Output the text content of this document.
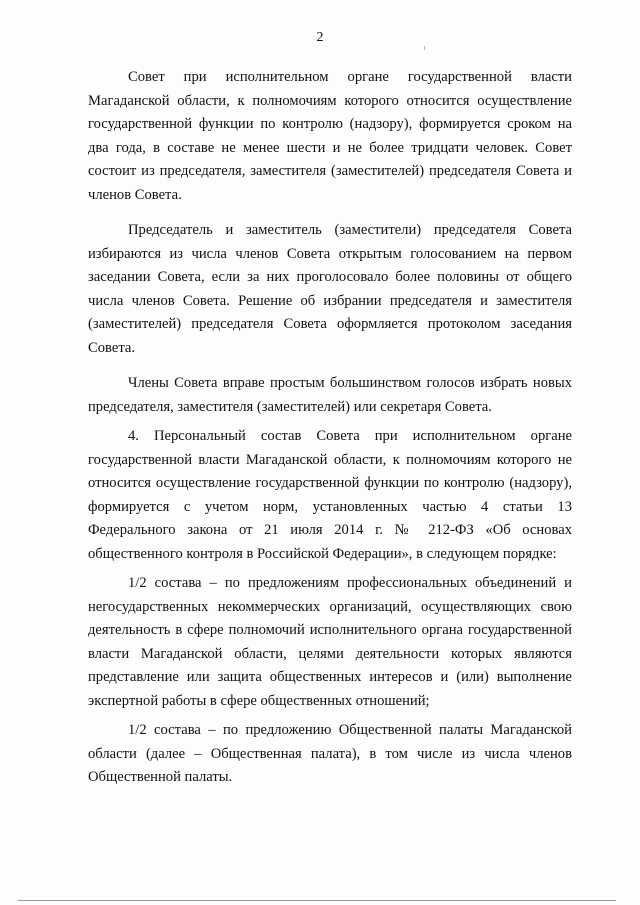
2

Совет при исполнительном органе государственной власти Магаданской области, к полномочиям которого относится осуществление государственной функции по контролю (надзору), формируется сроком на два года, в составе не менее шести и не более тридцати человек. Совет состоит из председателя, заместителя (заместителей) председателя Совета и членов Совета.

Председатель и заместитель (заместители) председателя Совета избираются из числа членов Совета открытым голосованием на первом заседании Совета, если за них проголосовало более половины от общего числа членов Совета. Решение об избрании председателя и заместителя (заместителей) председателя Совета оформляется протоколом заседания Совета.

Члены Совета вправе простым большинством голосов избрать новых председателя, заместителя (заместителей) или секретаря Совета.

4. Персональный состав Совета при исполнительном органе государственной власти Магаданской области, к полномочиям которого не относится осуществление государственной функции по контролю (надзору), формируется с учетом норм, установленных частью 4 статьи 13 Федерального закона от 21 июля 2014 г. № 212-ФЗ «Об основах общественного контроля в Российской Федерации», в следующем порядке:

1/2 состава – по предложениям профессиональных объединений и негосударственных некоммерческих организаций, осуществляющих свою деятельность в сфере полномочий исполнительного органа государственной власти Магаданской области, целями деятельности которых являются представление или защита общественных интересов и (или) выполнение экспертной работы в сфере общественных отношений;

1/2 состава – по предложению Общественной палаты Магаданской области (далее – Общественная палата), в том числе из числа членов Общественной палаты.
